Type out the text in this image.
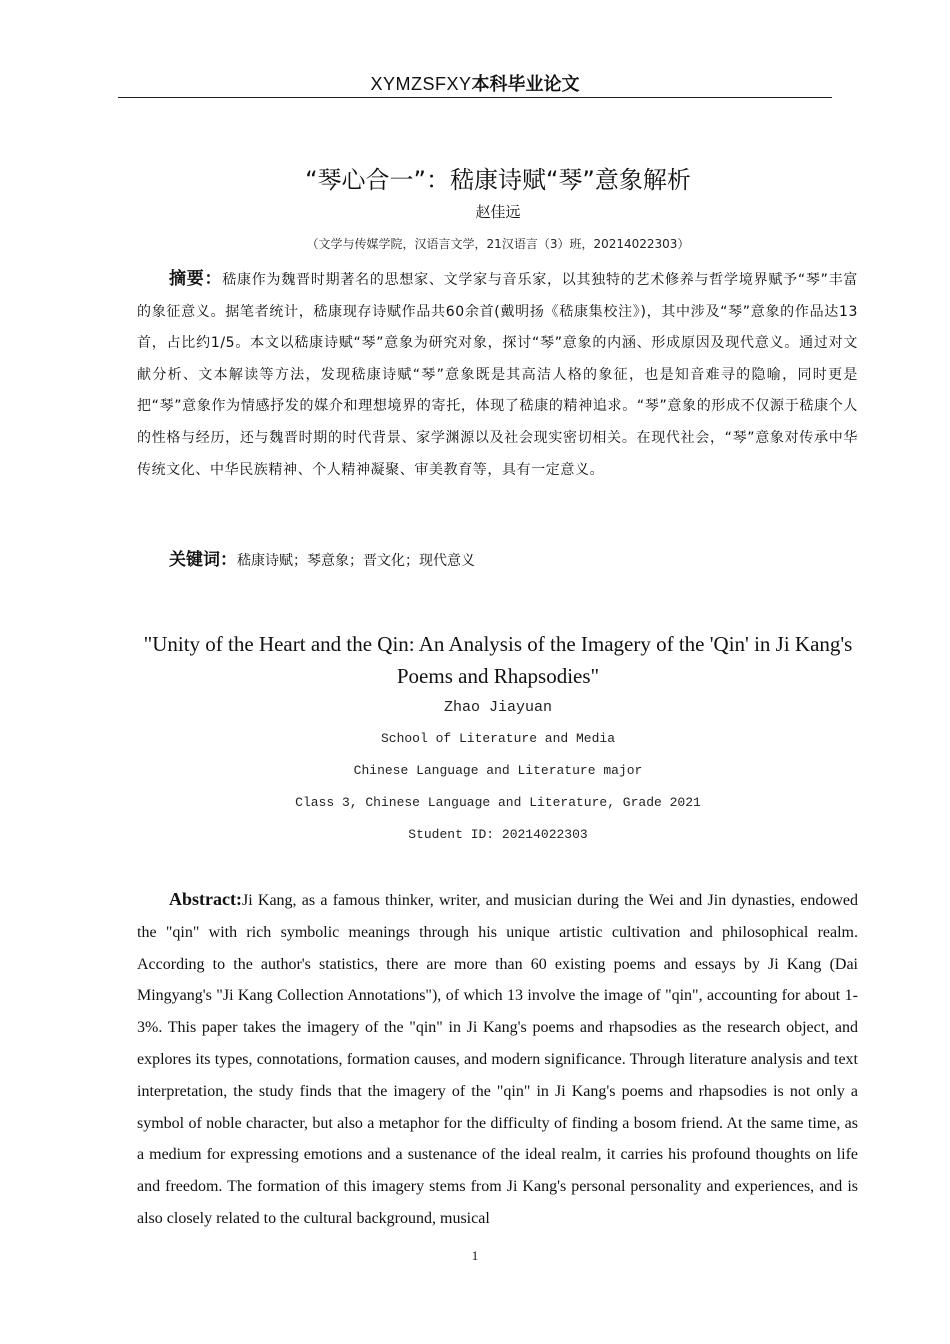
XYMZSFXY本科毕业论文
“琴心合一”：嵇康诗赋“琴”意象解析
赵佳远
（文学与传媒学院，汉语言文学，21汉语言（3）班，20214022303）
摘要：嵇康作为魏晋时期著名的思想家、文学家与音乐家，以其独特的艺术修养与哲学境界赋予“琴”丰富的象征意义。据笔者统计，嵇康现存诗赋作品共60余首(戴明扬《嵇康集校注》)，其中涉及“琴”意象的作品达13首，占比约1/5。本文以嵇康诗赋“琴”意象为研究对象，探讨“琴”意象的内涵、形成原因及现代意义。通过对文献分析、文本解读等方法，发现嵇康诗赋“琴”意象既是其高洁人格的象征，也是知音难寻的隐喻，同时更是把“琴”意象作为情感抒发的媒介和理想境界的寄托，体现了嵇康的精神追求。“琴”意象的形成不仅源于嵇康个人的性格与经历，还与魏晋时期的时代背景、家学渊源以及社会现实密切相关。在现代社会，“琴”意象对传承中华传统文化、中华民族精神、个人精神凝聚、审美教育等，具有一定意义。
关键词：嵇康诗赋；琴意象；晋文化；现代意义
"Unity of the Heart and the Qin: An Analysis of the Imagery of the 'Qin' in Ji Kang's Poems and Rhapsodies"
Zhao Jiayuan
School of Literature and Media
Chinese Language and Literature major
Class 3, Chinese Language and Literature, Grade 2021
Student ID: 20214022303
Abstract:Ji Kang, as a famous thinker, writer, and musician during the Wei and Jin dynasties, endowed the "qin" with rich symbolic meanings through his unique artistic cultivation and philosophical realm. According to the author's statistics, there are more than 60 existing poems and essays by Ji Kang (Dai Mingyang's "Ji Kang Collection Annotations"), of which 13 involve the image of "qin", accounting for about 1-3%. This paper takes the imagery of the "qin" in Ji Kang's poems and rhapsodies as the research object, and explores its types, connotations, formation causes, and modern significance. Through literature analysis and text interpretation, the study finds that the imagery of the "qin" in Ji Kang's poems and rhapsodies is not only a symbol of noble character, but also a metaphor for the difficulty of finding a bosom friend. At the same time, as a medium for expressing emotions and a sustenance of the ideal realm, it carries his profound thoughts on life and freedom. The formation of this imagery stems from Ji Kang's personal personality and experiences, and is also closely related to the cultural background, musical
1
